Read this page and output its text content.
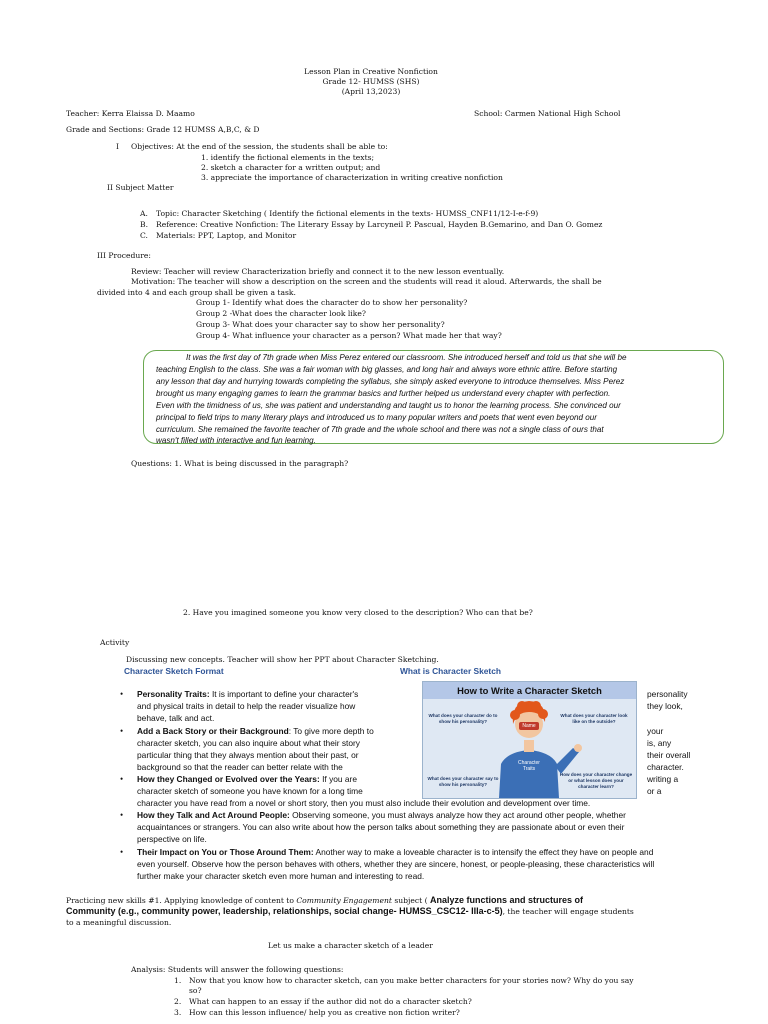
Lesson Plan in Creative Nonfiction
Grade 12- HUMSS (SHS)
(April 13,2023)
Teacher: Kerra Elaissa D. Maamo	School: Carmen National High School
Grade and Sections: Grade 12 HUMSS A,B,C, & D
I Objectives: At the end of the session, the students shall be able to:
1. identify the fictional elements in the texts;
2. sketch a character for a written output; and
3. appreciate the importance of characterization in writing creative nonfiction
II Subject Matter
A. Topic: Character Sketching ( Identify the fictional elements in the texts- HUMSS_CNF11/12-I-e-f-9)
B. Reference: Creative Nonfiction: The Literary Essay by Larcyneil P. Pascual, Hayden B.Gemarino, and Dan O. Gomez
C. Materials: PPT, Laptop, and Monitor
III Procedure:
Review: Teacher will review Characterization briefly and connect it to the new lesson eventually.
Motivation: The teacher will show a description on the screen and the students will read it aloud. Afterwards, the shall be
divided into 4 and each group shall be given a task.
Group 1- Identify what does the character do to show her personality?
Group 2 -What does the character look like?
Group 3- What does your character say to show her personality?
Group 4- What influence your character as a person? What made her that way?
It was the first day of 7th grade when Miss Perez entered our classroom. She introduced herself and told us that she will be
teaching English to the class. She was a fair woman with big glasses, and long hair and always wore ethnic attire. Before starting
any lesson that day and hurrying towards completing the syllabus, she simply asked everyone to introduce themselves. Miss Perez
brought us many engaging games to learn the grammar basics and further helped us understand every chapter with perfection.
Even with the timidness of us, she was patient and understanding and taught us to honor the learning process. She convinced our
principal to field trips to many literary plays and introduced us to many popular writers and poets that went even beyond our
curriculum. She remained the favorite teacher of 7th grade and the whole school and there was not a single class of ours that
wasn't filled with interactive and fun learning.
Questions: 1. What is being discussed in the paragraph?
2. Have you imagined someone you know very closed to the description? Who can that be?
Activity
Discussing new concepts. Teacher will show her PPT about Character Sketching.
Character Sketch Format	What is Character Sketch
How to Write a Character Sketch
Name
Character Traits
What does your character do to show his personality?
What does your character look like on the outside?
What does your character say to show his personality?
How does your character change or what lesson does your character learn?
• Personality Traits: It is important to define your character's
and physical traits in detail to help the reader visualize how
behave, talk and act.
personality
they look,
• Add a Back Story or their Background: To give more depth to
character sketch, you can also inquire about what their story
particular thing that they always mention about their past, or
background so that the reader can better relate with the
your
is, any
their overall
character.
• How they Changed or Evolved over the Years: If you are
character sketch of someone you have known for a long time
character you have read from a novel or short story, then you must also include their evolution and development over time.
writing a
or a
• How they Talk and Act Around People: Observing someone, you must always analyze how they act around other people, whether
acquaintances or strangers. You can also write about how the person talks about something they are passionate about or even their
perspective on life.
• Their Impact on You or Those Around Them: Another way to make a loveable character is to intensify the effect they have on people and
even yourself. Observe how the person behaves with others, whether they are sincere, honest, or people-pleasing, these characteristics will
further make your character sketch even more human and interesting to read.
Practicing new skills #1. Applying knowledge of content to Community Engagement subject ( Analyze functions and structures of
Community (e.g., community power, leadership, relationships, social change- HUMSS_CSC12- IIIa-c-5), the teacher will engage students
to a meaningful discussion.
Let us make a character sketch of a leader
Analysis: Students will answer the following questions:
1. Now that you know how to character sketch, can you make better characters for your stories now? Why do you say
so?
2. What can happen to an essay if the author did not do a character sketch?
3. How can this lesson influence/ help you as creative non fiction writer?
